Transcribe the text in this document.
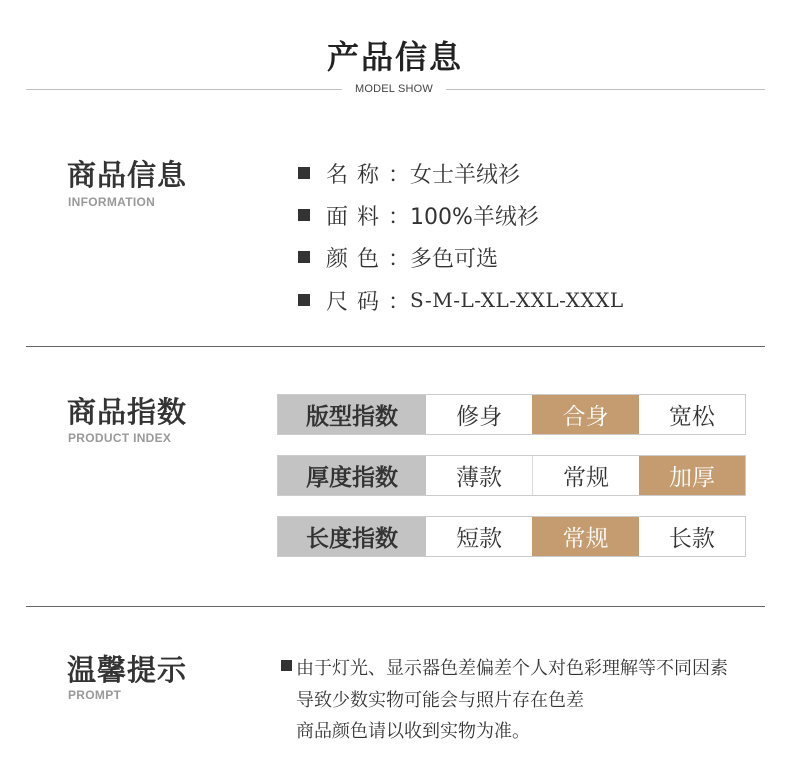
产品信息
MODEL SHOW
商品信息
INFORMATION
名称 ： 女士羊绒衫
面料 ： 100%羊绒衫
颜色 ： 多色可选
尺码 ： S-M-L-XL-XXL-XXXL
商品指数
PRODUCT INDEX
版型指数	修身	合身	宽松
厚度指数	薄款	常规	加厚
长度指数	短款	常规	长款
温馨提示
PROMPT
由于灯光、显示器色差偏差个人对色彩理解等不同因素
导致少数实物可能会与照片存在色差
商品颜色请以收到实物为准。
